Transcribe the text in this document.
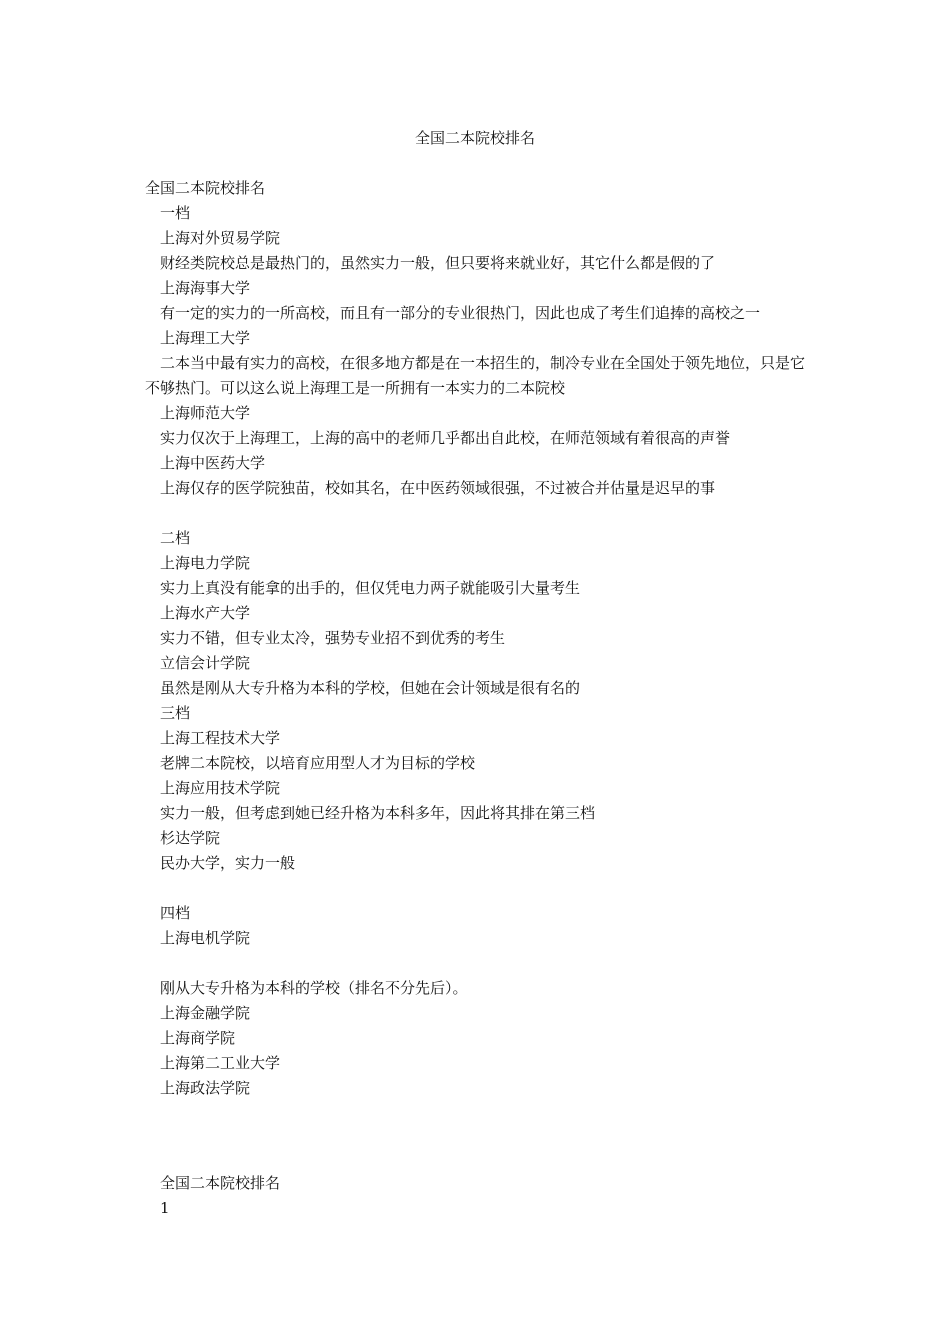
全国二本院校排名
全国二本院校排名
一档
上海对外贸易学院
财经类院校总是最热门的，虽然实力一般，但只要将来就业好，其它什么都是假的了
上海海事大学
有一定的实力的一所高校，而且有一部分的专业很热门，因此也成了考生们追捧的高校之一
上海理工大学
二本当中最有实力的高校，在很多地方都是在一本招生的，制冷专业在全国处于领先地位，只是它不够热门。可以这么说上海理工是一所拥有一本实力的二本院校
上海师范大学
实力仅次于上海理工，上海的高中的老师几乎都出自此校，在师范领域有着很高的声誉
上海中医药大学
上海仅存的医学院独苗，校如其名，在中医药领域很强，不过被合并估量是迟早的事
二档
上海电力学院
实力上真没有能拿的出手的，但仅凭电力两子就能吸引大量考生
上海水产大学
实力不错，但专业太冷，强势专业招不到优秀的考生
立信会计学院
虽然是刚从大专升格为本科的学校，但她在会计领域是很有名的
三档
上海工程技术大学
老牌二本院校，以培育应用型人才为目标的学校
上海应用技术学院
实力一般，但考虑到她已经升格为本科多年，因此将其排在第三档
杉达学院
民办大学，实力一般
四档
上海电机学院
刚从大专升格为本科的学校（排名不分先后）。
上海金融学院
上海商学院
上海第二工业大学
上海政法学院
全国二本院校排名
1
